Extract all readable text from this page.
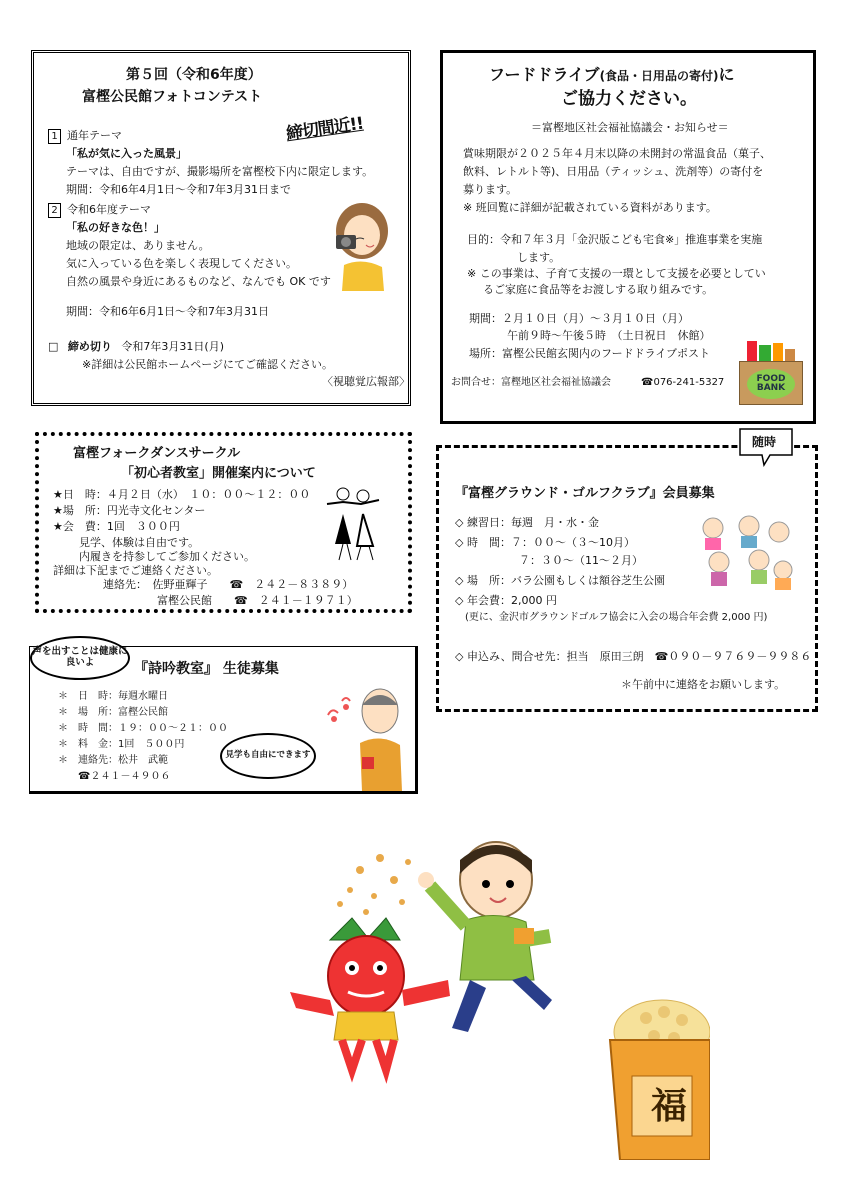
第５回（令和6年度）
富樫公民館フォトコンテスト
締切間近!!
1 通年テーマ
「私が気に入った風景」
テーマは、自由ですが、撮影場所を富樫校下内に限定します。
期間：令和6年4月1日～令和7年3月31日まで
2 令和6年度テーマ
「私の好きな色！」
地域の限定は、ありません。
気に入っている色を楽しく表現してください。
自然の風景や身近にあるものなど、なんでも OK です
期間：令和6年6月1日～令和7年3月31日
□ 締め切り 令和7年3月31日(月)
※詳細は公民館ホームページにてご確認ください。
〈視聴覚広報部〉
フードドライブ(食品・日用品の寄付)に
ご協力ください。
＝富樫地区社会福祉協議会・お知らせ＝
賞味期限が２０２５年４月末以降の未開封の常温食品（菓子、
飲料、レトルト等)、日用品（ティッシュ、洗剤等）の寄付を
募ります。
※ 班回覧に詳細が記載されている資料があります。
目的：令和７年３月「金沢版こども宅食※」推進事業を実施
します。
※ この事業は、子育て支援の一環として支援を必要としてい
るご家庭に食品等をお渡しする取り組みです。
期間：２月１０日（月）～３月１０日（月）
午前９時～午後５時　（土日祝日　休館）
場所：富樫公民館玄関内のフードドライブポスト
お問合せ：富樫地区社会福祉協議会	☎076-241-5327	FOOD
BANK
富樫フォークダンスサークル
「初心者教室」開催案内について
★日　時：４月２日（水）　１０：００～１２：００
★場　所：円光寺文化センター
★会　費：1回　３００円
見学、体験は自由です。
内履きを持参してご参加ください。
詳細は下記までご連絡ください。
連絡先：　佐野亜輝子　　☎　２４２－８３８９）
富樫公民館　　☎　２４１－１９７１）
『富樫グラウンド・ゴルフクラブ』会員募集
◇ 練習日：毎週　月・水・金
◇ 時　間：７：００～（３～10月）
７：３０～（11～２月）
◇ 場　所：バラ公園もしくは額谷芝生公園
◇ 年会費：2,000 円
(更に、金沢市グラウンドゴルフ協会に入会の場合年会費 2,000 円)
◇ 申込み、問合せ先：担当　原田三朗　☎０９０－９７６９－９９８６
＊午前中に連絡をお願いします。
随時
『詩吟教室』 生徒募集
＊　日　時：毎週水曜日
＊　場　所：富樫公民館
＊　時　間：１９：００～２１：００
＊　料　金：1回　５００円
＊　連絡先：松井　武範
☎２４１－４９０６
見学も自由にできます
声を出すことは健康に良いよ
福
